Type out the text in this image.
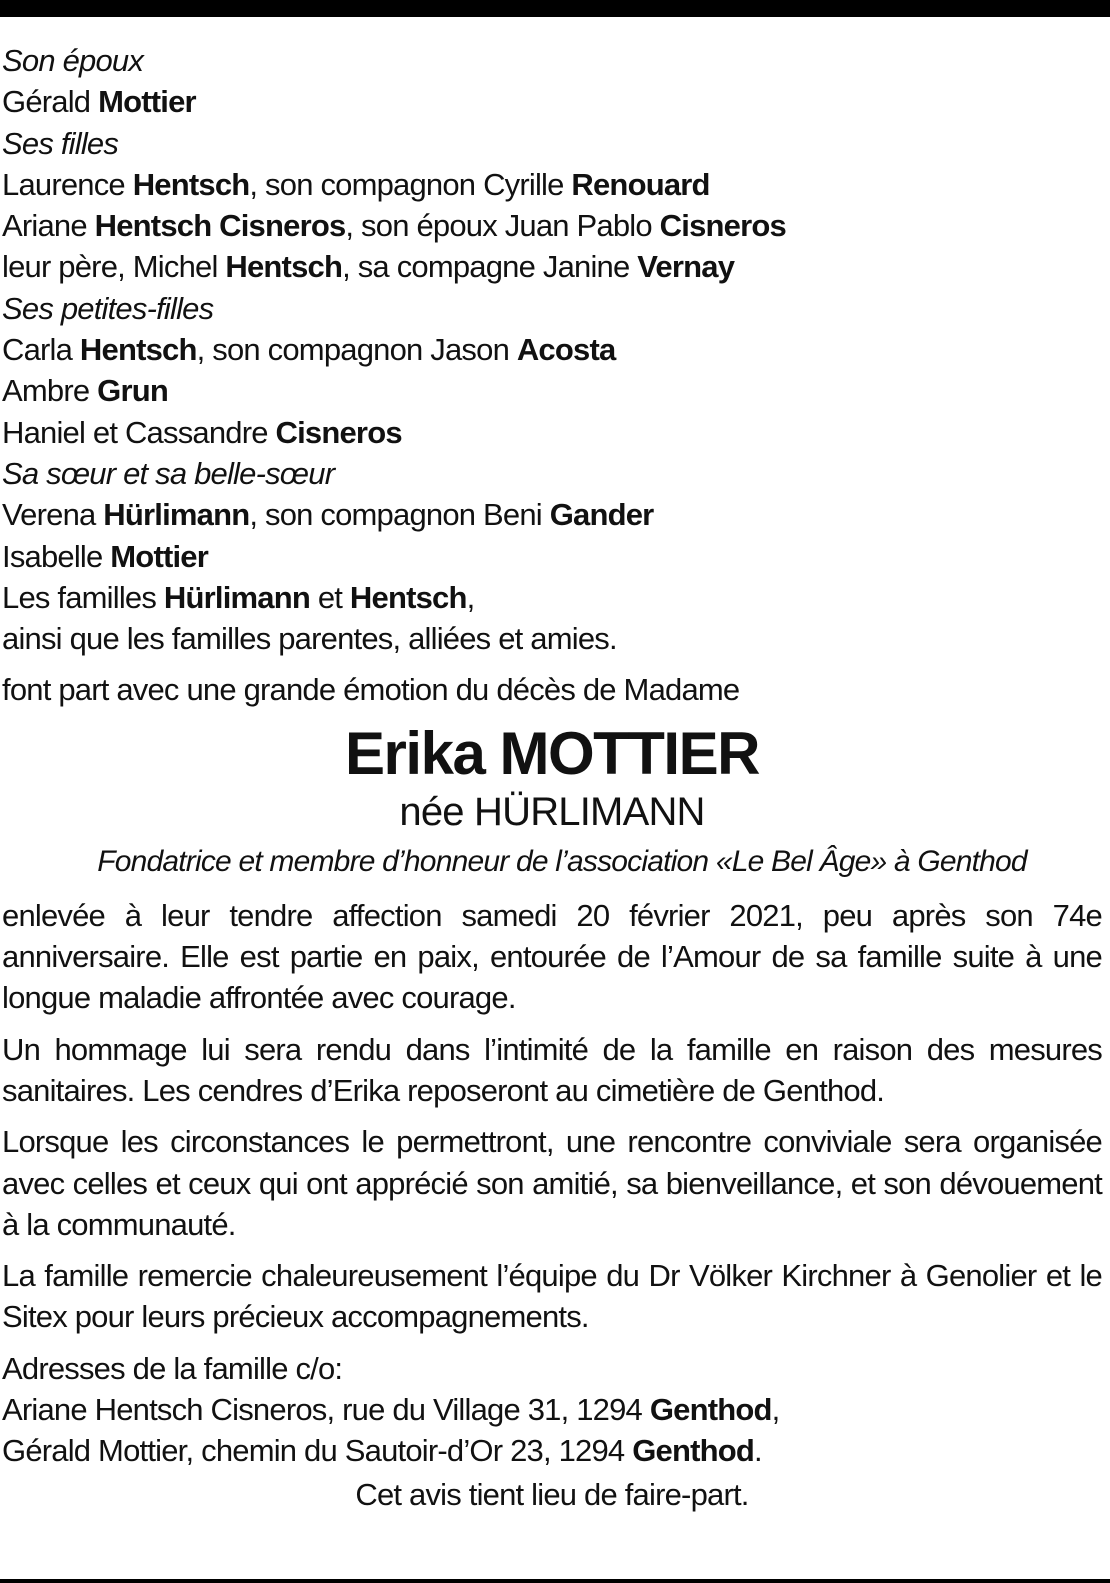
Son époux
Gérald Mottier
Ses filles
Laurence Hentsch, son compagnon Cyrille Renouard
Ariane Hentsch Cisneros, son époux Juan Pablo Cisneros
leur père, Michel Hentsch, sa compagne Janine Vernay
Ses petites-filles
Carla Hentsch, son compagnon Jason Acosta
Ambre Grun
Haniel et Cassandre Cisneros
Sa sœur et sa belle-sœur
Verena Hürlimann, son compagnon Beni Gander
Isabelle Mottier
Les familles Hürlimann et Hentsch,
ainsi que les familles parentes, alliées et amies.
font part avec une grande émotion du décès de Madame
Erika MOTTIER
née HÜRLIMANN
Fondatrice et membre d’honneur de l’association «Le Bel Âge» à Genthod
enlevée à leur tendre affection samedi 20 février 2021, peu après son 74e anniversaire. Elle est partie en paix, entourée de l’Amour de sa famille suite à une longue maladie affrontée avec courage.
Un hommage lui sera rendu dans l’intimité de la famille en raison des mesures sanitaires. Les cendres d’Erika reposeront au cimetière de Genthod.
Lorsque les circonstances le permettront, une rencontre conviviale sera organisée avec celles et ceux qui ont apprécié son amitié, sa bienveillance, et son dévouement à la communauté.
La famille remercie chaleureusement l’équipe du Dr Völker Kirchner à Genolier et le Sitex pour leurs précieux accompagnements.
Adresses de la famille c/o:
Ariane Hentsch Cisneros, rue du Village 31, 1294 Genthod,
Gérald Mottier, chemin du Sautoir-d’Or 23, 1294 Genthod.
Cet avis tient lieu de faire-part.
